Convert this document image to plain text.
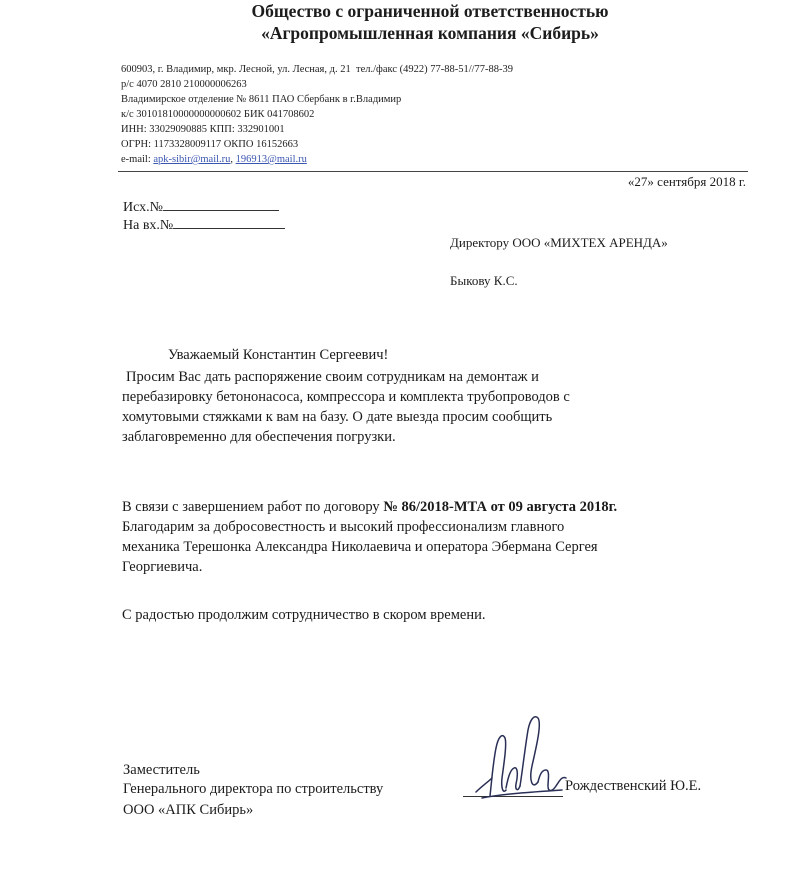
Общество с ограниченной ответственностью
«Агропромышленная компания «Сибирь»
600903, г. Владимир, мкр. Лесной, ул. Лесная, д. 21 тел./факс (4922) 77-88-51//77-88-39
р/с 4070 2810 210000006263
Владимирское отделение № 8611 ПАО Сбербанк в г.Владимир
к/с 30101810000000000602 БИК 041708602
ИНН: 33029090885 КПП: 332901001
ОГРН: 1173328009117 ОКПО 16152663
e-mail: apk-sibir@mail.ru, 196913@mail.ru
«27» сентября 2018 г.
Исх.№
На вх.№
Директору ООО «МИХТЕХ АРЕНДА»
Быкову К.С.
Уважаемый Константин Сергеевич!
Просим Вас дать распоряжение своим сотрудникам на демонтаж и
перебазировку бетононасоса, компрессора и комплекта трубопроводов с
хомутовыми стяжками к вам на базу. О дате выезда просим сообщить
заблаговременно для обеспечения погрузки.
В связи с завершением работ по договору № 86/2018-МТА от 09 августа 2018г.
Благодарим за добросовестность и высокий профессионализм главного
механика Терешонка Александра Николаевича и оператора Эбермана Сергея
Георгиевича.
С радостью продолжим сотрудничество в скором времени.
Заместитель
Генерального директора по строительству
ООО «АПК Сибирь»
Рождественский Ю.Е.
